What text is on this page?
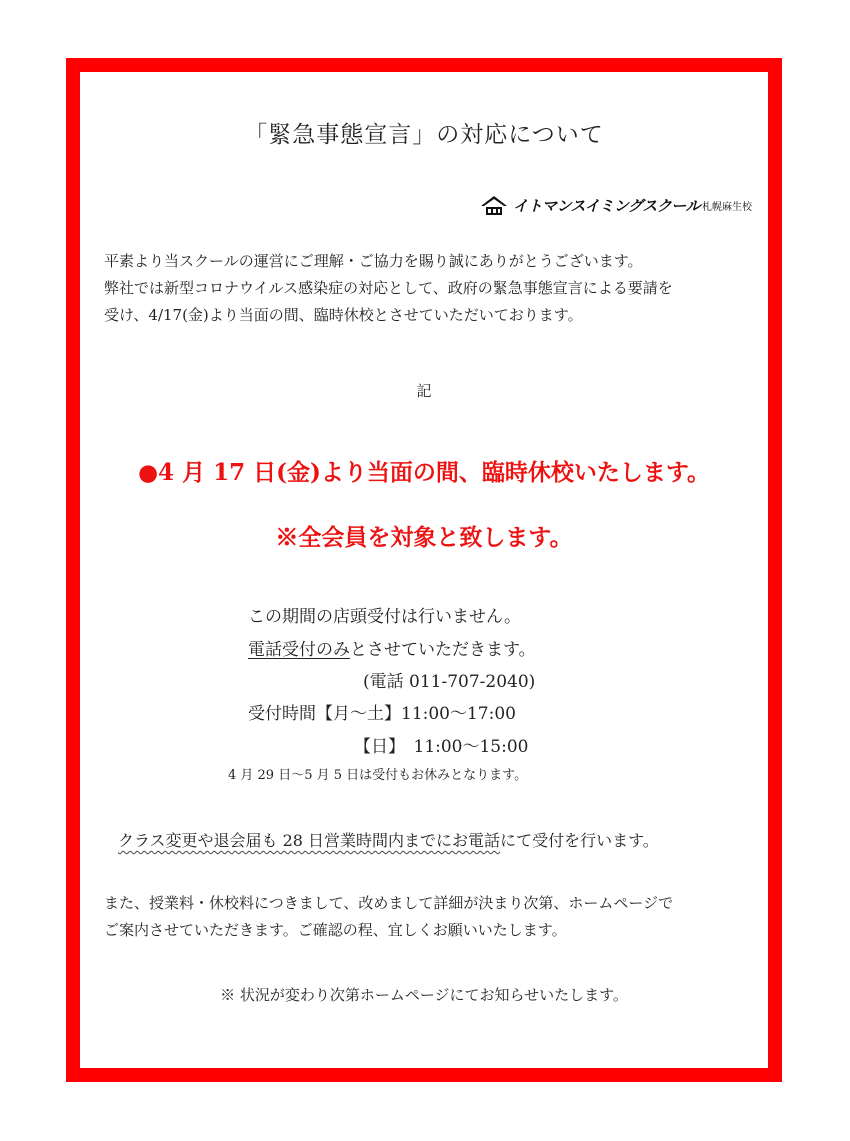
「緊急事態宣言」の対応について
イトマンスイミングスクール 札幌麻生校
平素より当スクールの運営にご理解・ご協力を賜り誠にありがとうございます。
弊社では新型コロナウイルス感染症の対応として、政府の緊急事態宣言による要請を
受け、4/17(金)より当面の間、臨時休校とさせていただいております。
記
●4 月 17 日(金)より当面の間、臨時休校いたします。
※全会員を対象と致します。
この期間の店頭受付は行いません。
電話受付のみとさせていただきます。
(電話 011-707-2040)
受付時間【月～土】11:00～17:00
【日】　11:00～15:00
4 月 29 日～5 月 5 日は受付もお休みとなります。
クラス変更や退会届も 28 日営業時間内までにお電話にて受付を行います。
また、授業料・休校料につきまして、改めまして詳細が決まり次第、ホームページで
ご案内させていただきます。ご確認の程、宜しくお願いいたします。
※ 状況が変わり次第ホームページにてお知らせいたします。
